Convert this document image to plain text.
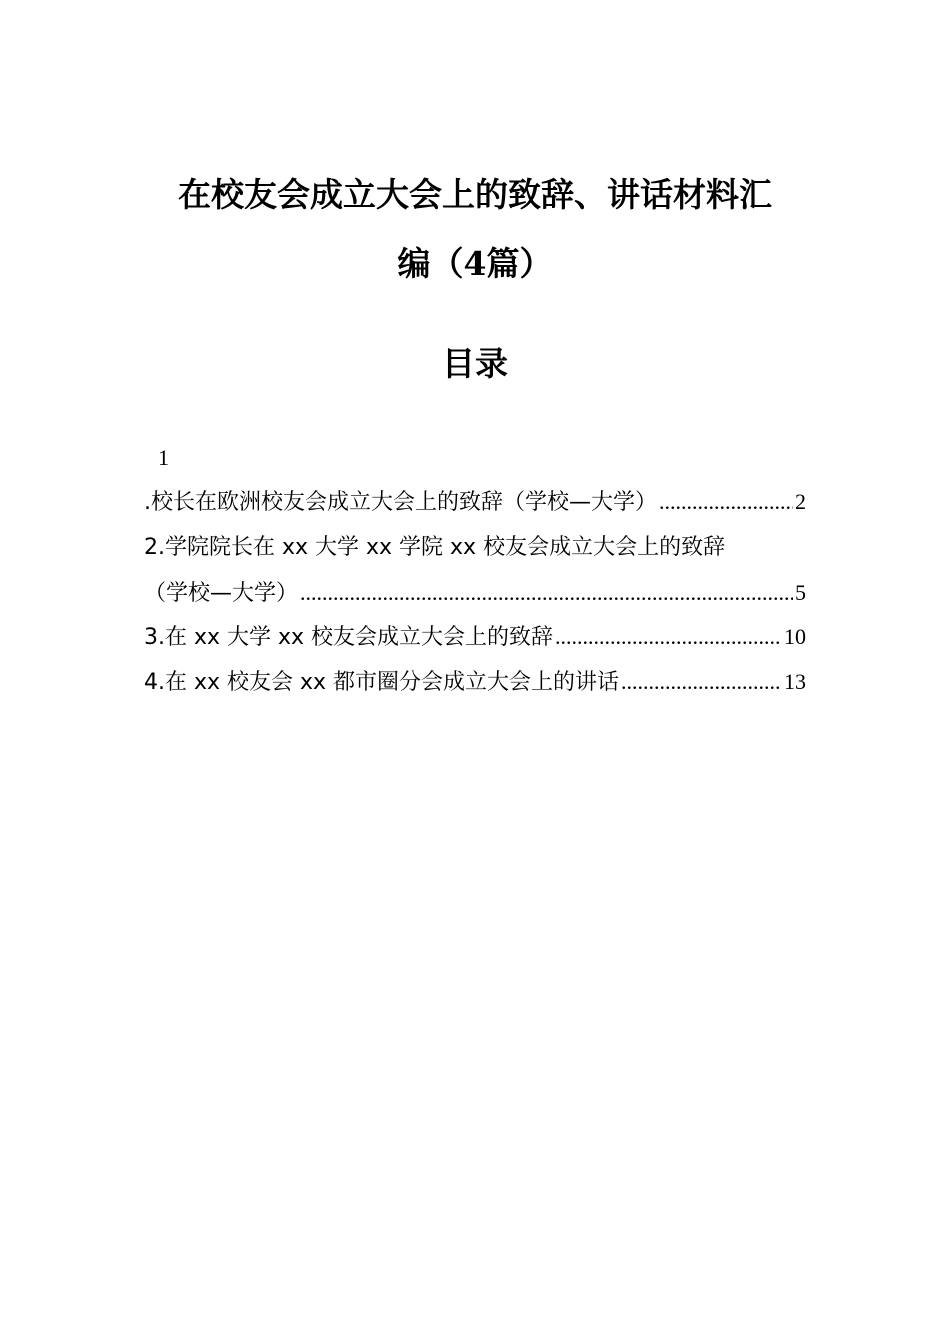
在校友会成立大会上的致辞、讲话材料汇
编（4篇）
目录
1
.校长在欧洲校友会成立大会上的致辞（学校—大学） .....	2
2.学院院长在 xx 大学 xx 学院 xx 校友会成立大会上的致辞
（学校—大学） .....	5
3.在 xx 大学 xx 校友会成立大会上的致辞 .....	10
4.在 xx 校友会 xx 都市圈分会成立大会上的讲话 .....	13
